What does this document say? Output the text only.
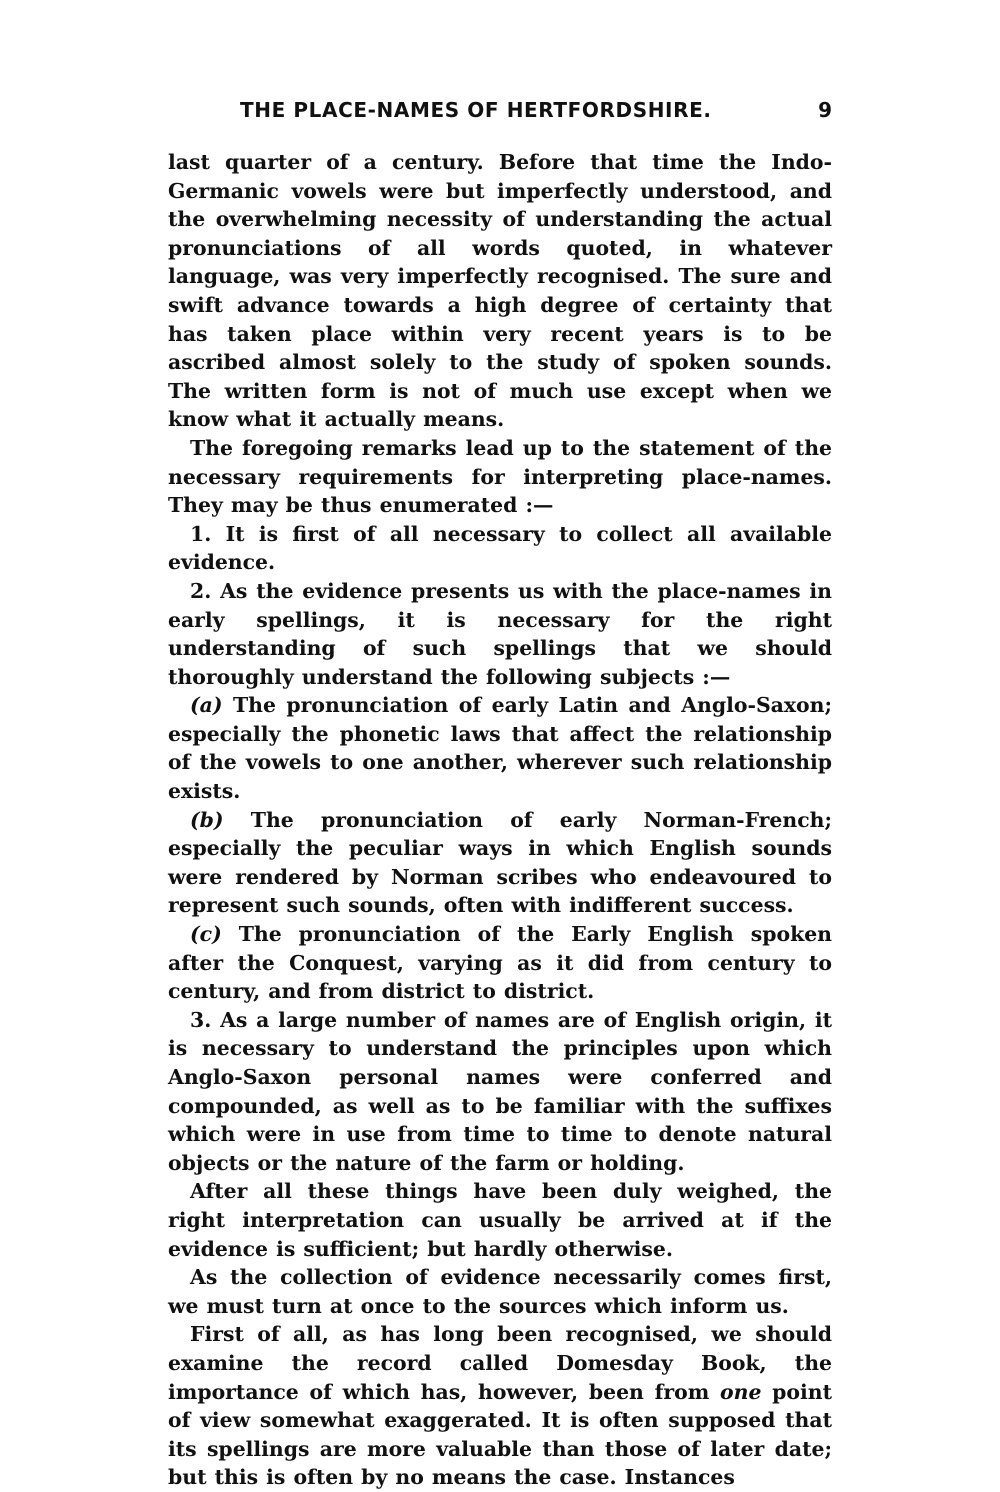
THE PLACE-NAMES OF HERTFORDSHIRE.	9

last quarter of a century. Before that time the Indo-Germanic vowels were but imperfectly understood, and the overwhelming necessity of understanding the actual pronunciations of all words quoted, in whatever language, was very imperfectly recognised. The sure and swift advance towards a high degree of certainty that has taken place within very recent years is to be ascribed almost solely to the study of spoken sounds. The written form is not of much use except when we know what it actually means.

The foregoing remarks lead up to the statement of the necessary requirements for interpreting place-names. They may be thus enumerated :—

1. It is first of all necessary to collect all available evidence.

2. As the evidence presents us with the place-names in early spellings, it is necessary for the right understanding of such spellings that we should thoroughly understand the following subjects :—

(a) The pronunciation of early Latin and Anglo-Saxon; especially the phonetic laws that affect the relationship of the vowels to one another, wherever such relationship exists.

(b) The pronunciation of early Norman-French; especially the peculiar ways in which English sounds were rendered by Norman scribes who endeavoured to represent such sounds, often with indifferent success.

(c) The pronunciation of the Early English spoken after the Conquest, varying as it did from century to century, and from district to district.

3. As a large number of names are of English origin, it is necessary to understand the principles upon which Anglo-Saxon personal names were conferred and compounded, as well as to be familiar with the suffixes which were in use from time to time to denote natural objects or the nature of the farm or holding.

After all these things have been duly weighed, the right interpretation can usually be arrived at if the evidence is sufficient; but hardly otherwise.

As the collection of evidence necessarily comes first, we must turn at once to the sources which inform us.

First of all, as has long been recognised, we should examine the record called Domesday Book, the importance of which has, however, been from one point of view somewhat exaggerated. It is often supposed that its spellings are more valuable than those of later date; but this is often by no means the case. Instances
